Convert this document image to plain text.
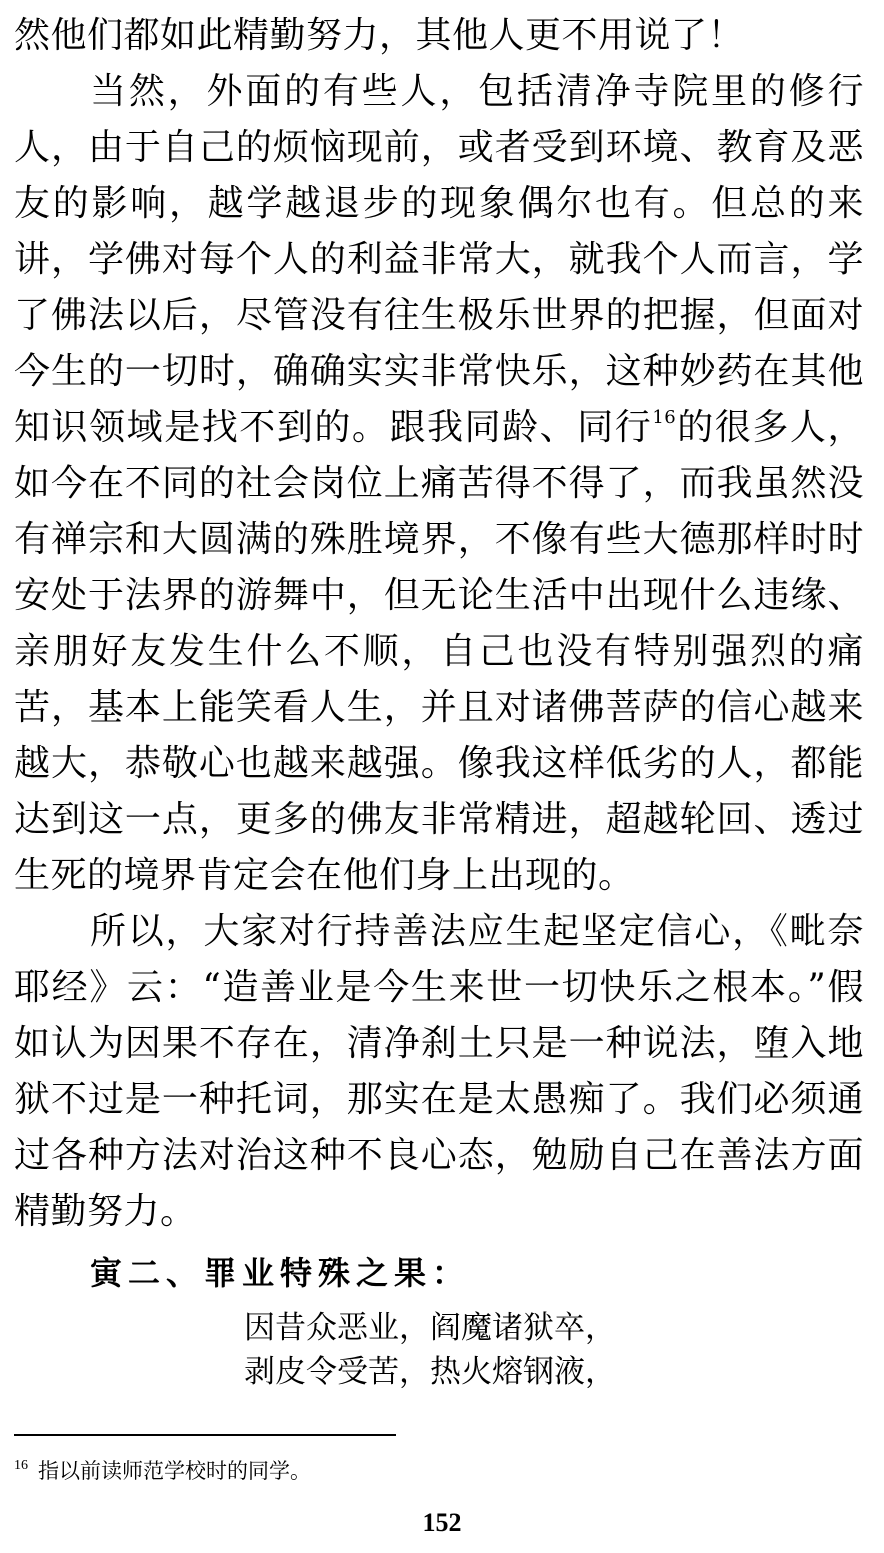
然他们都如此精勤努力，其他人更不用说了！

当然，外面的有些人，包括清净寺院里的修行人，由于自己的烦恼现前，或者受到环境、教育及恶友的影响，越学越退步的现象偶尔也有。但总的来讲，学佛对每个人的利益非常大，就我个人而言，学了佛法以后，尽管没有往生极乐世界的把握，但面对今生的一切时，确确实实非常快乐，这种妙药在其他知识领域是找不到的。跟我同龄、同行$^{16}$的很多人，如今在不同的社会岗位上痛苦得不得了，而我虽然没有禅宗和大圆满的殊胜境界，不像有些大德那样时时安处于法界的游舞中，但无论生活中出现什么违缘、亲朋好友发生什么不顺，自己也没有特别强烈的痛苦，基本上能笑看人生，并且对诸佛菩萨的信心越来越大，恭敬心也越来越强。像我这样低劣的人，都能达到这一点，更多的佛友非常精进，超越轮回、透过生死的境界肯定会在他们身上出现的。

所以，大家对行持善法应生起坚定信心，《毗奈耶经》云：“造善业是今生来世一切快乐之根本。”假如认为因果不存在，清净刹土只是一种说法，堕入地狱不过是一种托词，那实在是太愚痴了。我们必须通过各种方法对治这种不良心态，勉励自己在善法方面精勤努力。

寅二、罪业特殊之果：

因昔众恶业，阎魔诸狱卒，

剥皮令受苦，热火熔钢液，

$^{16}$ 指以前读师范学校时的同学。
152
